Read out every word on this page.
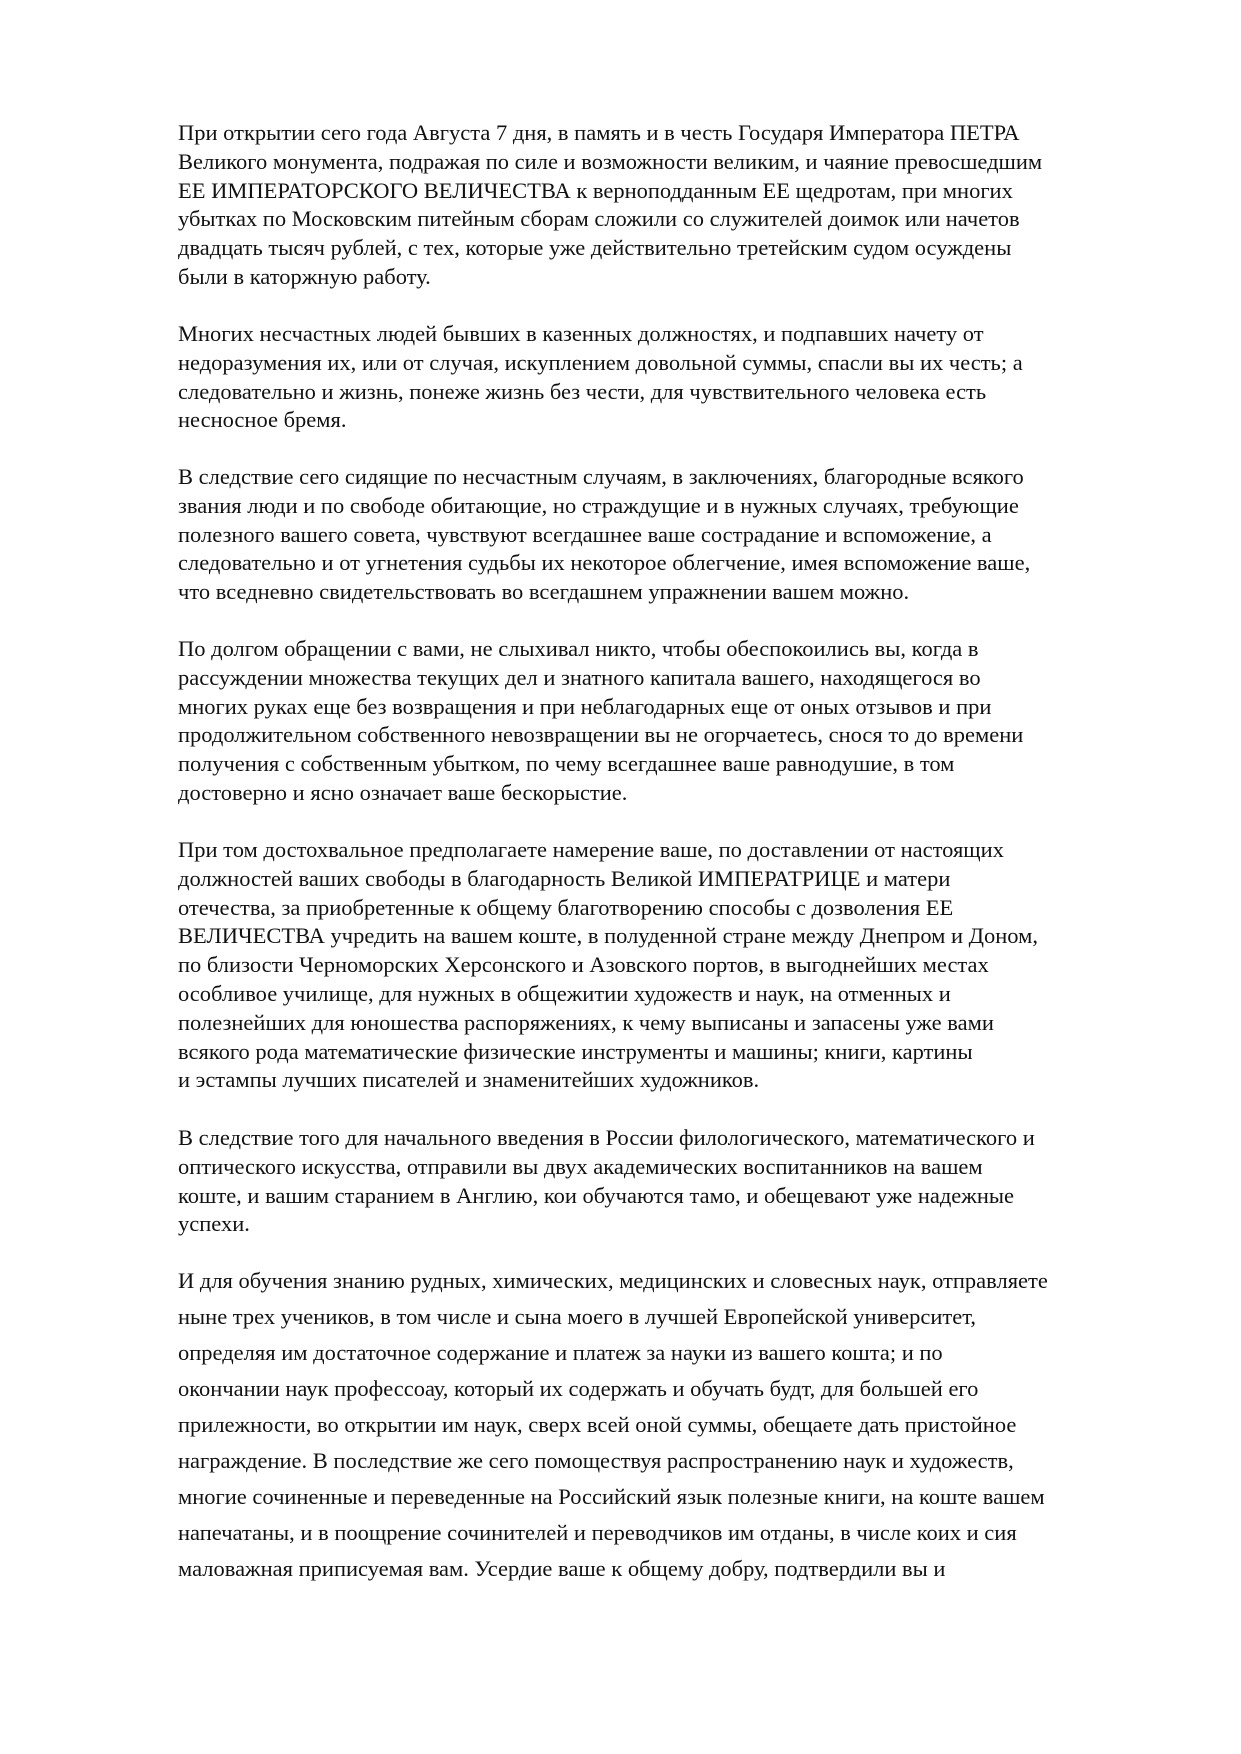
При открытии сего года Августа 7 дня, в память и в честь Государя Императора ПЕТРА
Великого монумента, подражая по силе и возможности великим, и чаяние превосшедшим
ЕЕ ИМПЕРАТОРСКОГО ВЕЛИЧЕСТВА к верноподданным ЕЕ щедротам, при многих
убытках по Московским питейным сборам сложили со служителей доимок или начетов
двадцать тысяч рублей, с тех, которые уже действительно третейским судом осуждены
были в каторжную работу.
Многих несчастных людей бывших в казенных должностях, и подпавших начету от
недоразумения их, или от случая, искуплением довольной суммы, спасли вы их честь; а
следовательно и жизнь, понеже жизнь без чести, для чувствительного человека есть
несносное бремя.
В следствие сего сидящие по несчастным случаям, в заключениях, благородные всякого
звания люди и по свободе обитающие, но страждущие и в нужных случаях, требующие
полезного вашего совета, чувствуют всегдашнее ваше сострадание и вспоможение, а
следовательно и от угнетения судьбы их некоторое облегчение, имея вспоможение ваше,
что вседневно свидетельствовать во всегдашнем упражнении вашем можно.
По долгом обращении с вами, не слыхивал никто, чтобы обеспокоились вы, когда в
рассуждении множества текущих дел и знатного капитала вашего, находящегося во
многих руках еще без возвращения и при неблагодарных еще от оных отзывов и при
продолжительном собственного невозвращении вы не огорчаетесь, снося то до времени
получения с собственным убытком, по чему всегдашнее ваше равнодушие, в том
достоверно и ясно означает ваше бескорыстие.
При том достохвальное предполагаете намерение ваше, по доставлении от настоящих
должностей ваших свободы в благодарность Великой ИМПЕРАТРИЦЕ и матери
отечества, за приобретенные к общему благотворению способы с дозволения ЕЕ
ВЕЛИЧЕСТВА учредить на вашем коште, в полуденной стране между Днепром и Доном,
по близости Черноморских Херсонского и Азовского портов, в выгоднейших местах
особливое училище, для нужных в общежитии художеств и наук, на отменных и
полезнейших для юношества распоряжениях, к чему выписаны и запасены уже вами
всякого рода математические физические инструменты и машины; книги, картины
и эстампы лучших писателей и знаменитейших художников.
В следствие того для начального введения в России филологического, математического и
оптического искусства, отправили вы двух академических воспитанников на вашем
коште, и вашим старанием в Англию, кои обучаются тамо, и обещевают уже надежные
успехи.
И для обучения знанию рудных, химических, медицинских и словесных наук, отправляете
ныне трех учеников, в том числе и сына моего в лучшей Европейской университет,
определяя им достаточное содержание и платеж за науки из вашего кошта; и по
окончании наук профессоау, который их содержать и обучать будт, для большей его
прилежности, во открытии им наук, сверх всей оной суммы, обещаете дать пристойное
награждение. В последствие же сего помоществуя распространению наук и художеств,
многие сочиненные и переведенные на Российский язык полезные книги, на коште вашем
напечатаны, и в поощрение сочинителей и переводчиков им отданы, в числе коих и сия
маловажная приписуемая вам. Усердие ваше к общему добру, подтвердили вы и
